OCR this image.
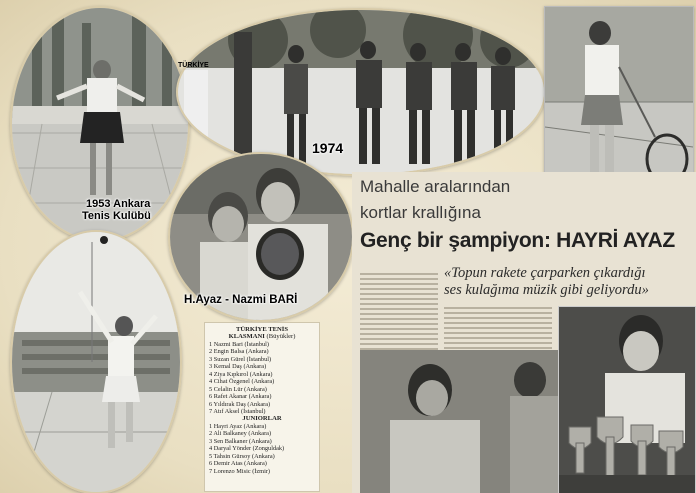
1953 Ankara
Tenis Kulübü
TÜRKİYE
1974
H.Ayaz - Nazmi BARİ
TÜRKİYE TENİS
KLASMANI (Büyükler)
1 Nazmi Bari (İstanbul)
2 Engin Balsa (Ankara)
3 Suzan Gürel (İstanbul)
3 Kemal Daş (Ankara)
4 Ziya Kıpkırol (Ankara)
4 Cihat Özgenel (Ankara)
5 Celalin Lür (Ankara)
6 Rafet Akanar (Ankara)
6 Yıldırak Daş (Ankara)
7 Atıf Aksel (İstanbul)
JUNIORLAR
1 Hayri Ayaz (Ankara)
2 Ali Balkaney (Ankara)
3 Sen Balkaner (Ankara)
4 Daryal Yönder (Zonguldak)
5 Tahsin Gürsoy (Ankara)
6 Demir Atas (Ankara)
7 Lorenzo Misic (İzmir)
Mahalle aralarından
kortlar krallığına
Genç bir şampiyon: HAYRİ AYAZ
«Topun rakete çarparken çıkardığı
ses kulağıma müzik gibi geliyordu»
